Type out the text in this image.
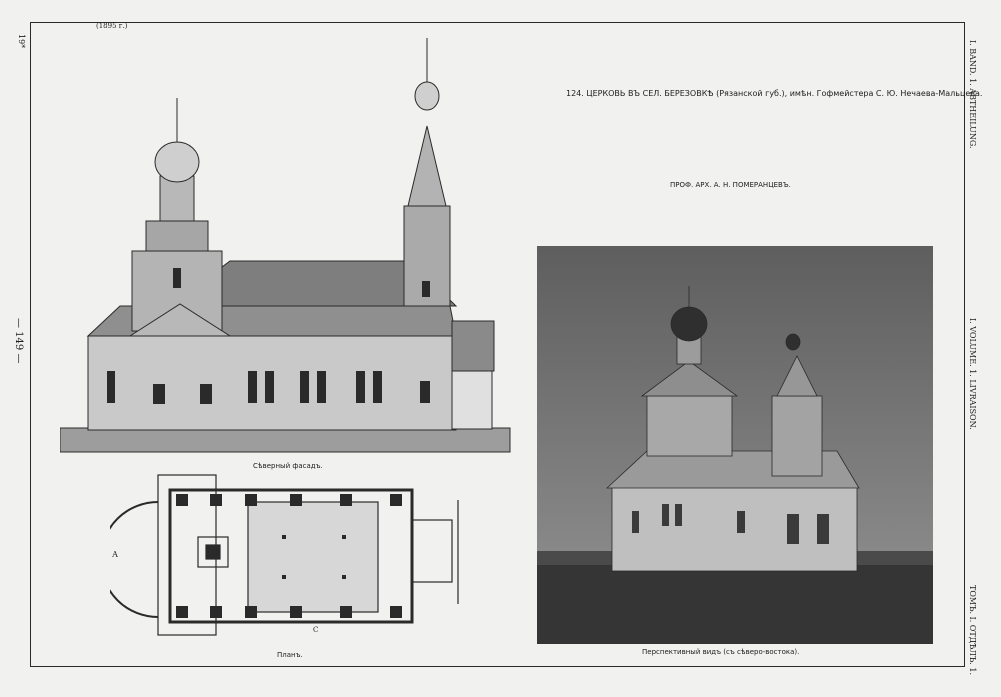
(1895 г.)
19*
— 149 —
124. ЦЕРКОВЬ ВЪ СЕЛ. БЕРЕЗОВКѢ (Рязанской губ.), имѣн. Гофмейстера С. Ю. Нечаева-Мальцева.
ПРОФ. АРХ. А. Н. ПОМЕРАНЦЕВЪ.
I. BAND. 1. ABTHEILUNG.
I. VOLUME. 1. LIVRAISON.
ТОМЪ. I. ОТДѢЛЪ. 1.
Сѣверный фасадъ.
А
С
Планъ.	Перспективный видъ (съ сѣверо-востока).
